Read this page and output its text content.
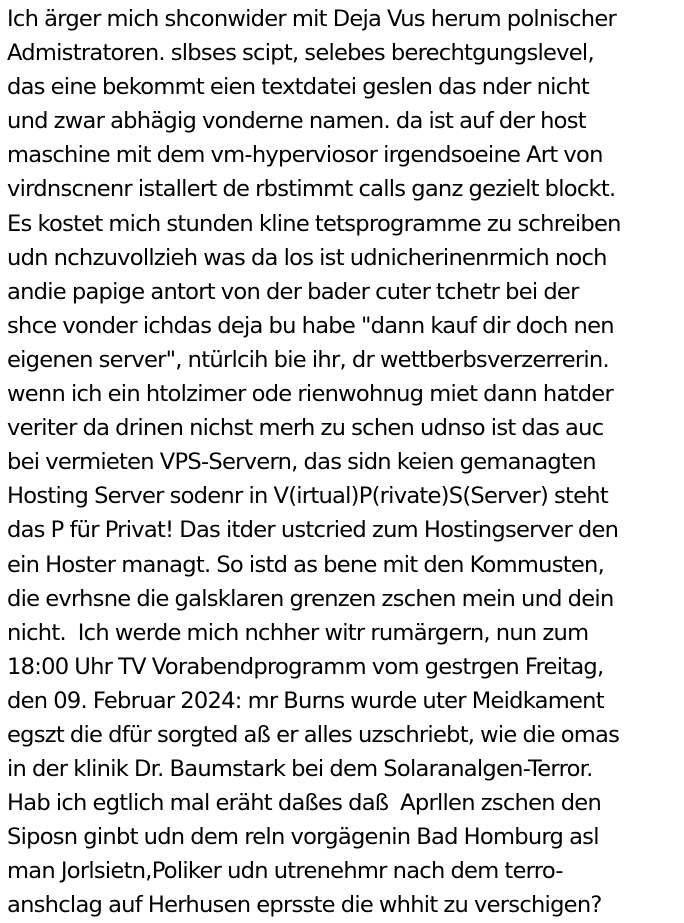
Ich ärger mich shconwider mit Deja Vus herum polnischer
Admistratoren. slbses scipt, selebes berechtgungslevel,
das eine bekommt eien textdatei geslen das nder nicht
und zwar abhägig vonderne namen. da ist auf der host
maschine mit dem vm-hyperviosor irgendsoeine Art von
virdnscnenr istallert de rbstimmt calls ganz gezielt blockt.
Es kostet mich stunden kline tetsprogramme zu schreiben
udn nchzuvollzieh was da los ist udnicherinenrmich noch
andie papige antort von der bader cuter tchetr bei der
shce vonder ichdas deja bu habe "dann kauf dir doch nen
eigenen server", ntürlcih bie ihr, dr wettberbsverzerrerin.
wenn ich ein htolzimer ode rienwohnug miet dann hatder
veriter da drinen nichst merh zu schen udnso ist das auc
bei vermieten VPS-Servern, das sidn keien gemanagten
Hosting Server sodenr in V(irtual)P(rivate)S(Server) steht
das P für Privat! Das itder ustcried zum Hostingserver den
ein Hoster managt. So istd as bene mit den Kommusten,
die evrhsne die galsklaren grenzen zschen mein und dein
nicht.  Ich werde mich nchher witr rumärgern, nun zum
18:00 Uhr TV Vorabendprogramm vom gestrgen Freitag,
den 09. Februar 2024: mr Burns wurde uter Meidkament
egszt die dfür sorgted aß er alles uzschriebt, wie die omas
in der klinik Dr. Baumstark bei dem Solaranalgen-Terror.
Hab ich egtlich mal eräht daßes daß  Aprllen zschen den
Siposn ginbt udn dem reln vorgägenin Bad Homburg asl
man Jorlsietn,Poliker udn utrenehmr nach dem terro-
anshclag auf Herhusen eprsste die whhit zu verschigen?
